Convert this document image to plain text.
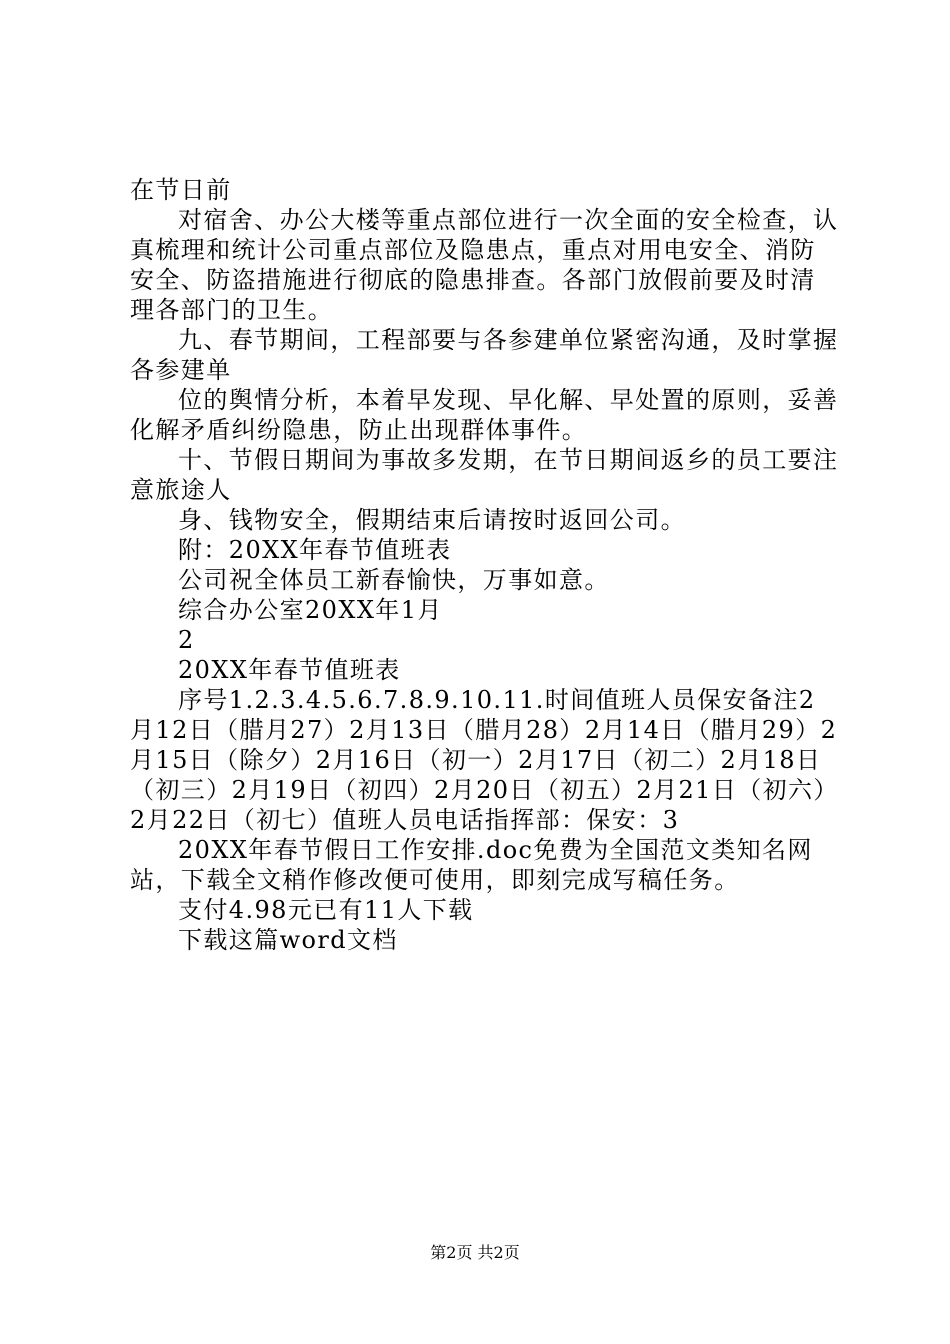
在节日前

对宿舍、办公大楼等重点部位进行一次全面的安全检查，认真梳理和统计公司重点部位及隐患点，重点对用电安全、消防安全、防盗措施进行彻底的隐患排查。各部门放假前要及时清理各部门的卫生。

九、春节期间，工程部要与各参建单位紧密沟通，及时掌握各参建单

位的舆情分析，本着早发现、早化解、早处置的原则，妥善化解矛盾纠纷隐患，防止出现群体事件。

十、节假日期间为事故多发期，在节日期间返乡的员工要注意旅途人

身、钱物安全，假期结束后请按时返回公司。

附：20XX年春节值班表

公司祝全体员工新春愉快，万事如意。

综合办公室20XX年1月

2

20XX年春节值班表

序号1.2.3.4.5.6.7.8.9.10.11.时间值班人员保安备注2月12日（腊月27）2月13日（腊月28）2月14日（腊月29）2月15日（除夕）2月16日（初一）2月17日（初二）2月18日（初三）2月19日（初四）2月20日（初五）2月21日（初六）2月22日（初七）值班人员电话指挥部：保安：3

20XX年春节假日工作安排.doc免费为全国范文类知名网站，下载全文稍作修改便可使用，即刻完成写稿任务。

支付4.98元已有11人下载

下载这篇word文档

第2页 共2页
